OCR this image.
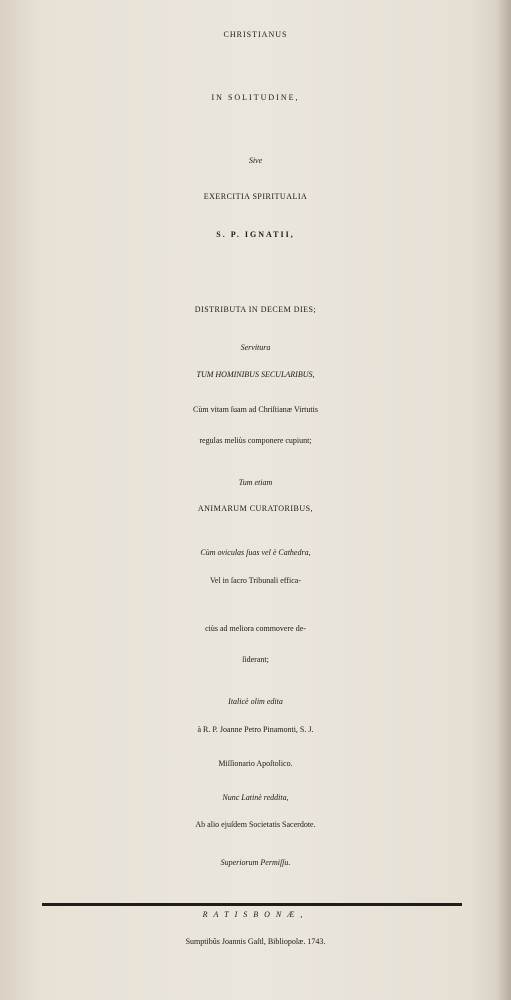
CHRISTIANUS
IN SOLITUDINE,
Sive
EXERCITIA SPIRITUALIA
S. P. IGNATII,
DISTRIBUTA IN DECEM DIES;
Servitura
TUM HOMINIBUS SECULARIBUS,
Cùm vitam ſuam ad Chriſtianæ Virtutis
regulas meliùs componere cupiunt;
Tum etiam
ANIMARUM CURATORIBUS,
Cùm oviculas ſuas vel è Cathedra,
Vel in ſacro Tribunali effica-
ciùs ad meliora commovere de-
ſiderant;
Italicè olim edita
à R. P. Joanne Petro Pinamonti, S. J.
Miſſionario Apoſtolico.
Nunc Latinè reddita,
Ab alio ejuſdem Societatis Sacerdote.
Superiorum Permiſſu.
RATISBONÆ,
Sumptibûs Joannis Gaſtl, Bibliopolæ. 1743.
